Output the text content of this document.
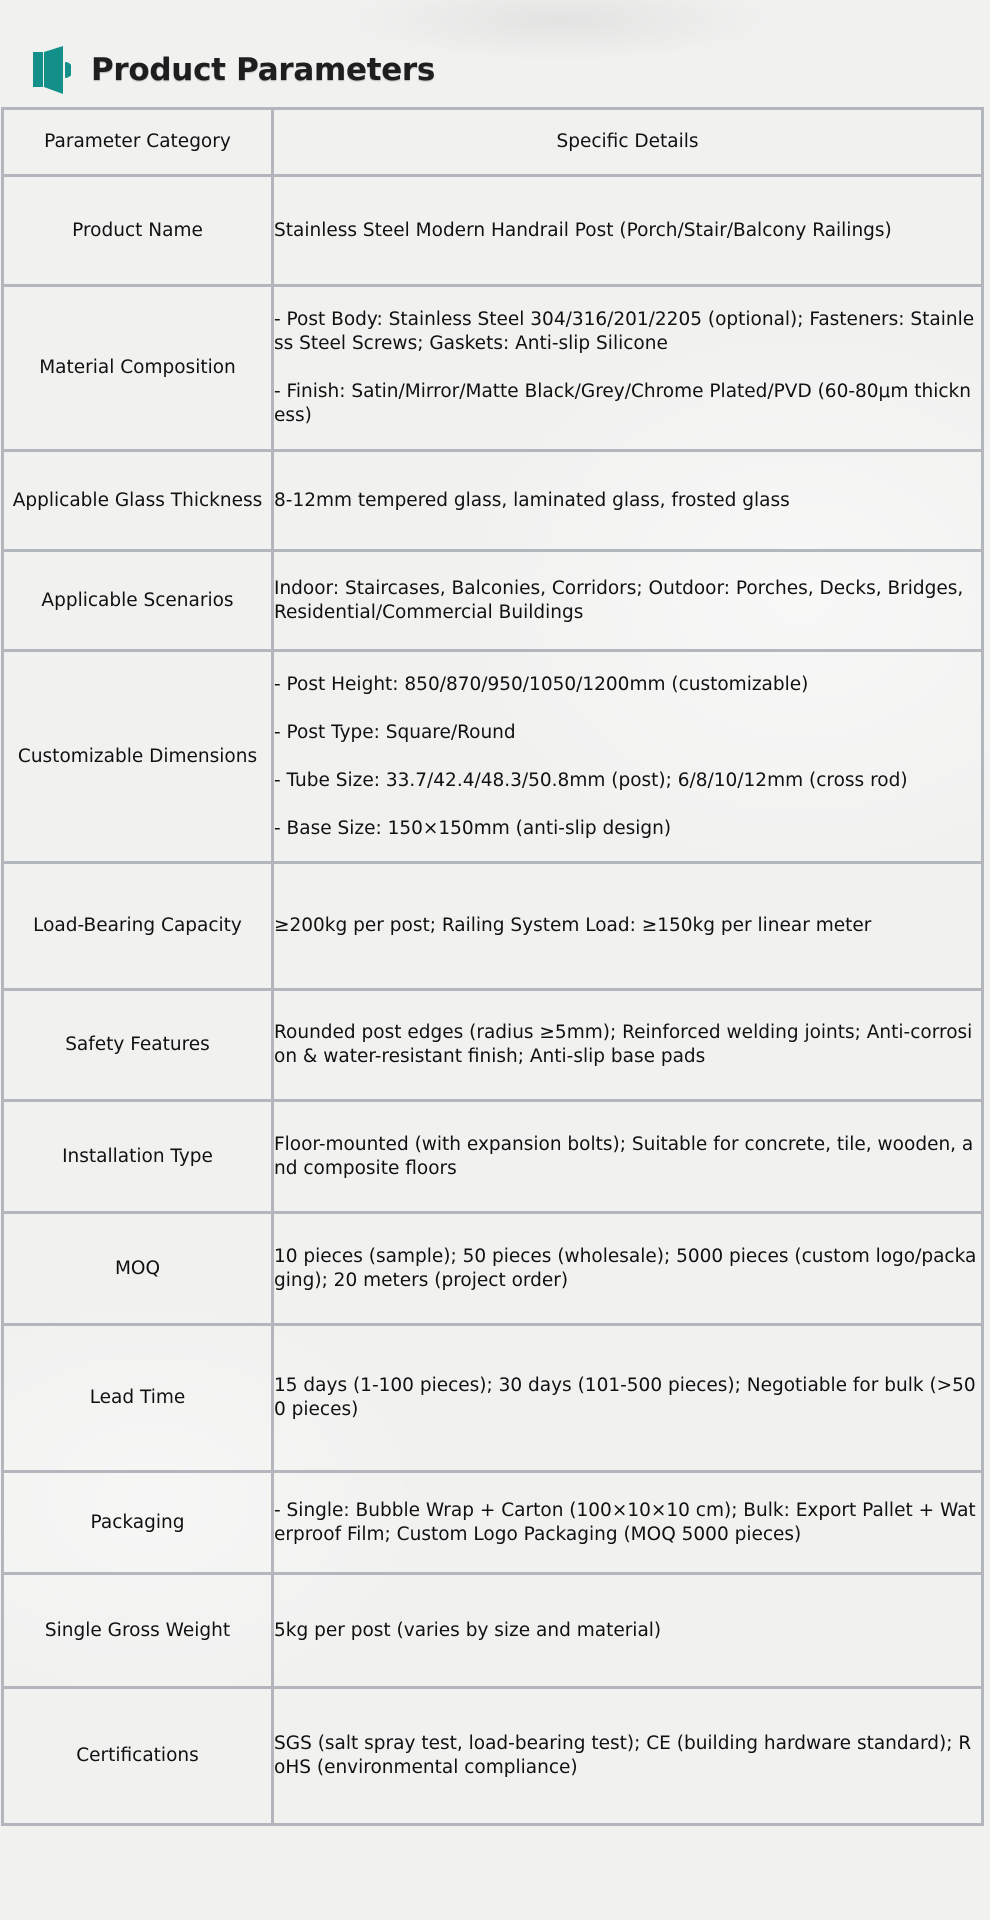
Product Parameters
Parameter Category	Specific Details
Product Name	Stainless Steel Modern Handrail Post (Porch/Stair/Balcony Railings)

Material Composition	- Post Body: Stainless Steel 304/316/201/2205 (optional); Fasteners: Stainless Steel Screws; Gaskets: Anti-slip Silicone

- Finish: Satin/Mirror/Matte Black/Grey/Chrome Plated/PVD (60-80μm thickness)

Applicable Glass Thickness	8-12mm tempered glass, laminated glass, frosted glass

Applicable Scenarios	Indoor: Staircases, Balconies, Corridors; Outdoor: Porches, Decks, Bridges, Residential/Commercial Buildings

Customizable Dimensions	- Post Height: 850/870/950/1050/1200mm (customizable)

- Post Type: Square/Round

- Tube Size: 33.7/42.4/48.3/50.8mm (post); 6/8/10/12mm (cross rod)

- Base Size: 150×150mm (anti-slip design)

Load-Bearing Capacity	≥200kg per post; Railing System Load: ≥150kg per linear meter

Safety Features	Rounded post edges (radius ≥5mm); Reinforced welding joints; Anti-corrosion & water-resistant finish; Anti-slip base pads

Installation Type	Floor-mounted (with expansion bolts); Suitable for concrete, tile, wooden, and composite floors

MOQ	10 pieces (sample); 50 pieces (wholesale); 5000 pieces (custom logo/packaging); 20 meters (project order)

Lead Time	15 days (1-100 pieces); 30 days (101-500 pieces); Negotiable for bulk (>500 pieces)

Packaging	- Single: Bubble Wrap + Carton (100×10×10 cm); Bulk: Export Pallet + Waterproof Film; Custom Logo Packaging (MOQ 5000 pieces)

Single Gross Weight	5kg per post (varies by size and material)

Certifications	SGS (salt spray test, load-bearing test); CE (building hardware standard); RoHS (environmental compliance)
